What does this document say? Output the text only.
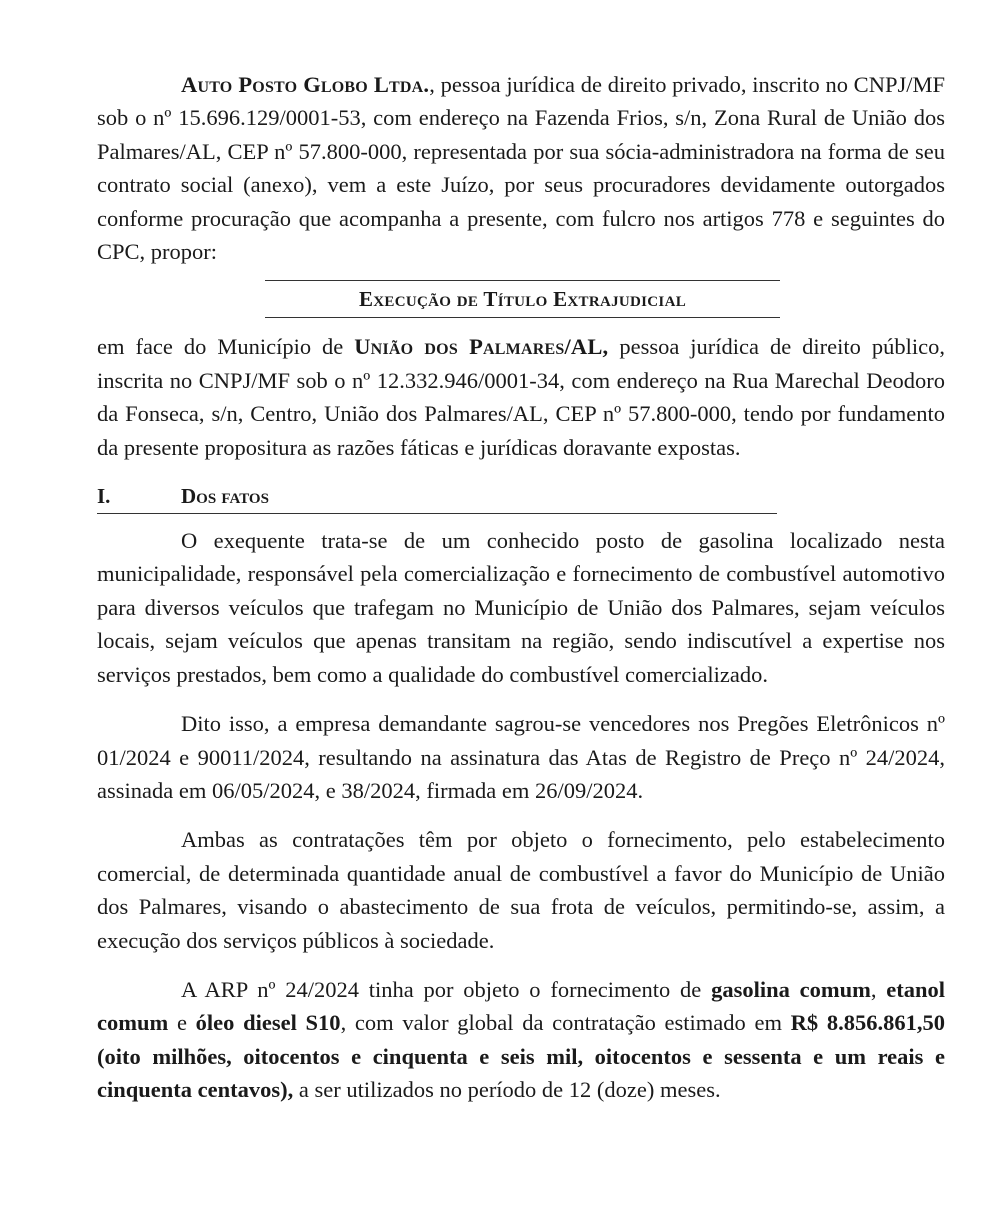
Auto Posto Globo Ltda., pessoa jurídica de direito privado, inscrito no CNPJ/MF sob o nº 15.696.129/0001-53, com endereço na Fazenda Frios, s/n, Zona Rural de União dos Palmares/AL, CEP nº 57.800-000, representada por sua sócia-administradora na forma de seu contrato social (anexo), vem a este Juízo, por seus procuradores devidamente outorgados conforme procuração que acompanha a presente, com fulcro nos artigos 778 e seguintes do CPC, propor:

Execução de Título Extrajudicial

em face do Município de União dos Palmares/AL, pessoa jurídica de direito público, inscrita no CNPJ/MF sob o nº 12.332.946/0001-34, com endereço na Rua Marechal Deodoro da Fonseca, s/n, Centro, União dos Palmares/AL, CEP nº 57.800-000, tendo por fundamento da presente propositura as razões fáticas e jurídicas doravante expostas.

I.	Dos fatos

O exequente trata-se de um conhecido posto de gasolina localizado nesta municipalidade, responsável pela comercialização e fornecimento de combustível automotivo para diversos veículos que trafegam no Município de União dos Palmares, sejam veículos locais, sejam veículos que apenas transitam na região, sendo indiscutível a expertise nos serviços prestados, bem como a qualidade do combustível comercializado.

Dito isso, a empresa demandante sagrou-se vencedores nos Pregões Eletrônicos nº 01/2024 e 90011/2024, resultando na assinatura das Atas de Registro de Preço nº 24/2024, assinada em 06/05/2024, e 38/2024, firmada em 26/09/2024.

Ambas as contratações têm por objeto o fornecimento, pelo estabelecimento comercial, de determinada quantidade anual de combustível a favor do Município de União dos Palmares, visando o abastecimento de sua frota de veículos, permitindo-se, assim, a execução dos serviços públicos à sociedade.

A ARP nº 24/2024 tinha por objeto o fornecimento de gasolina comum, etanol comum e óleo diesel S10, com valor global da contratação estimado em R$ 8.856.861,50 (oito milhões, oitocentos e cinquenta e seis mil, oitocentos e sessenta e um reais e cinquenta centavos), a ser utilizados no período de 12 (doze) meses.
